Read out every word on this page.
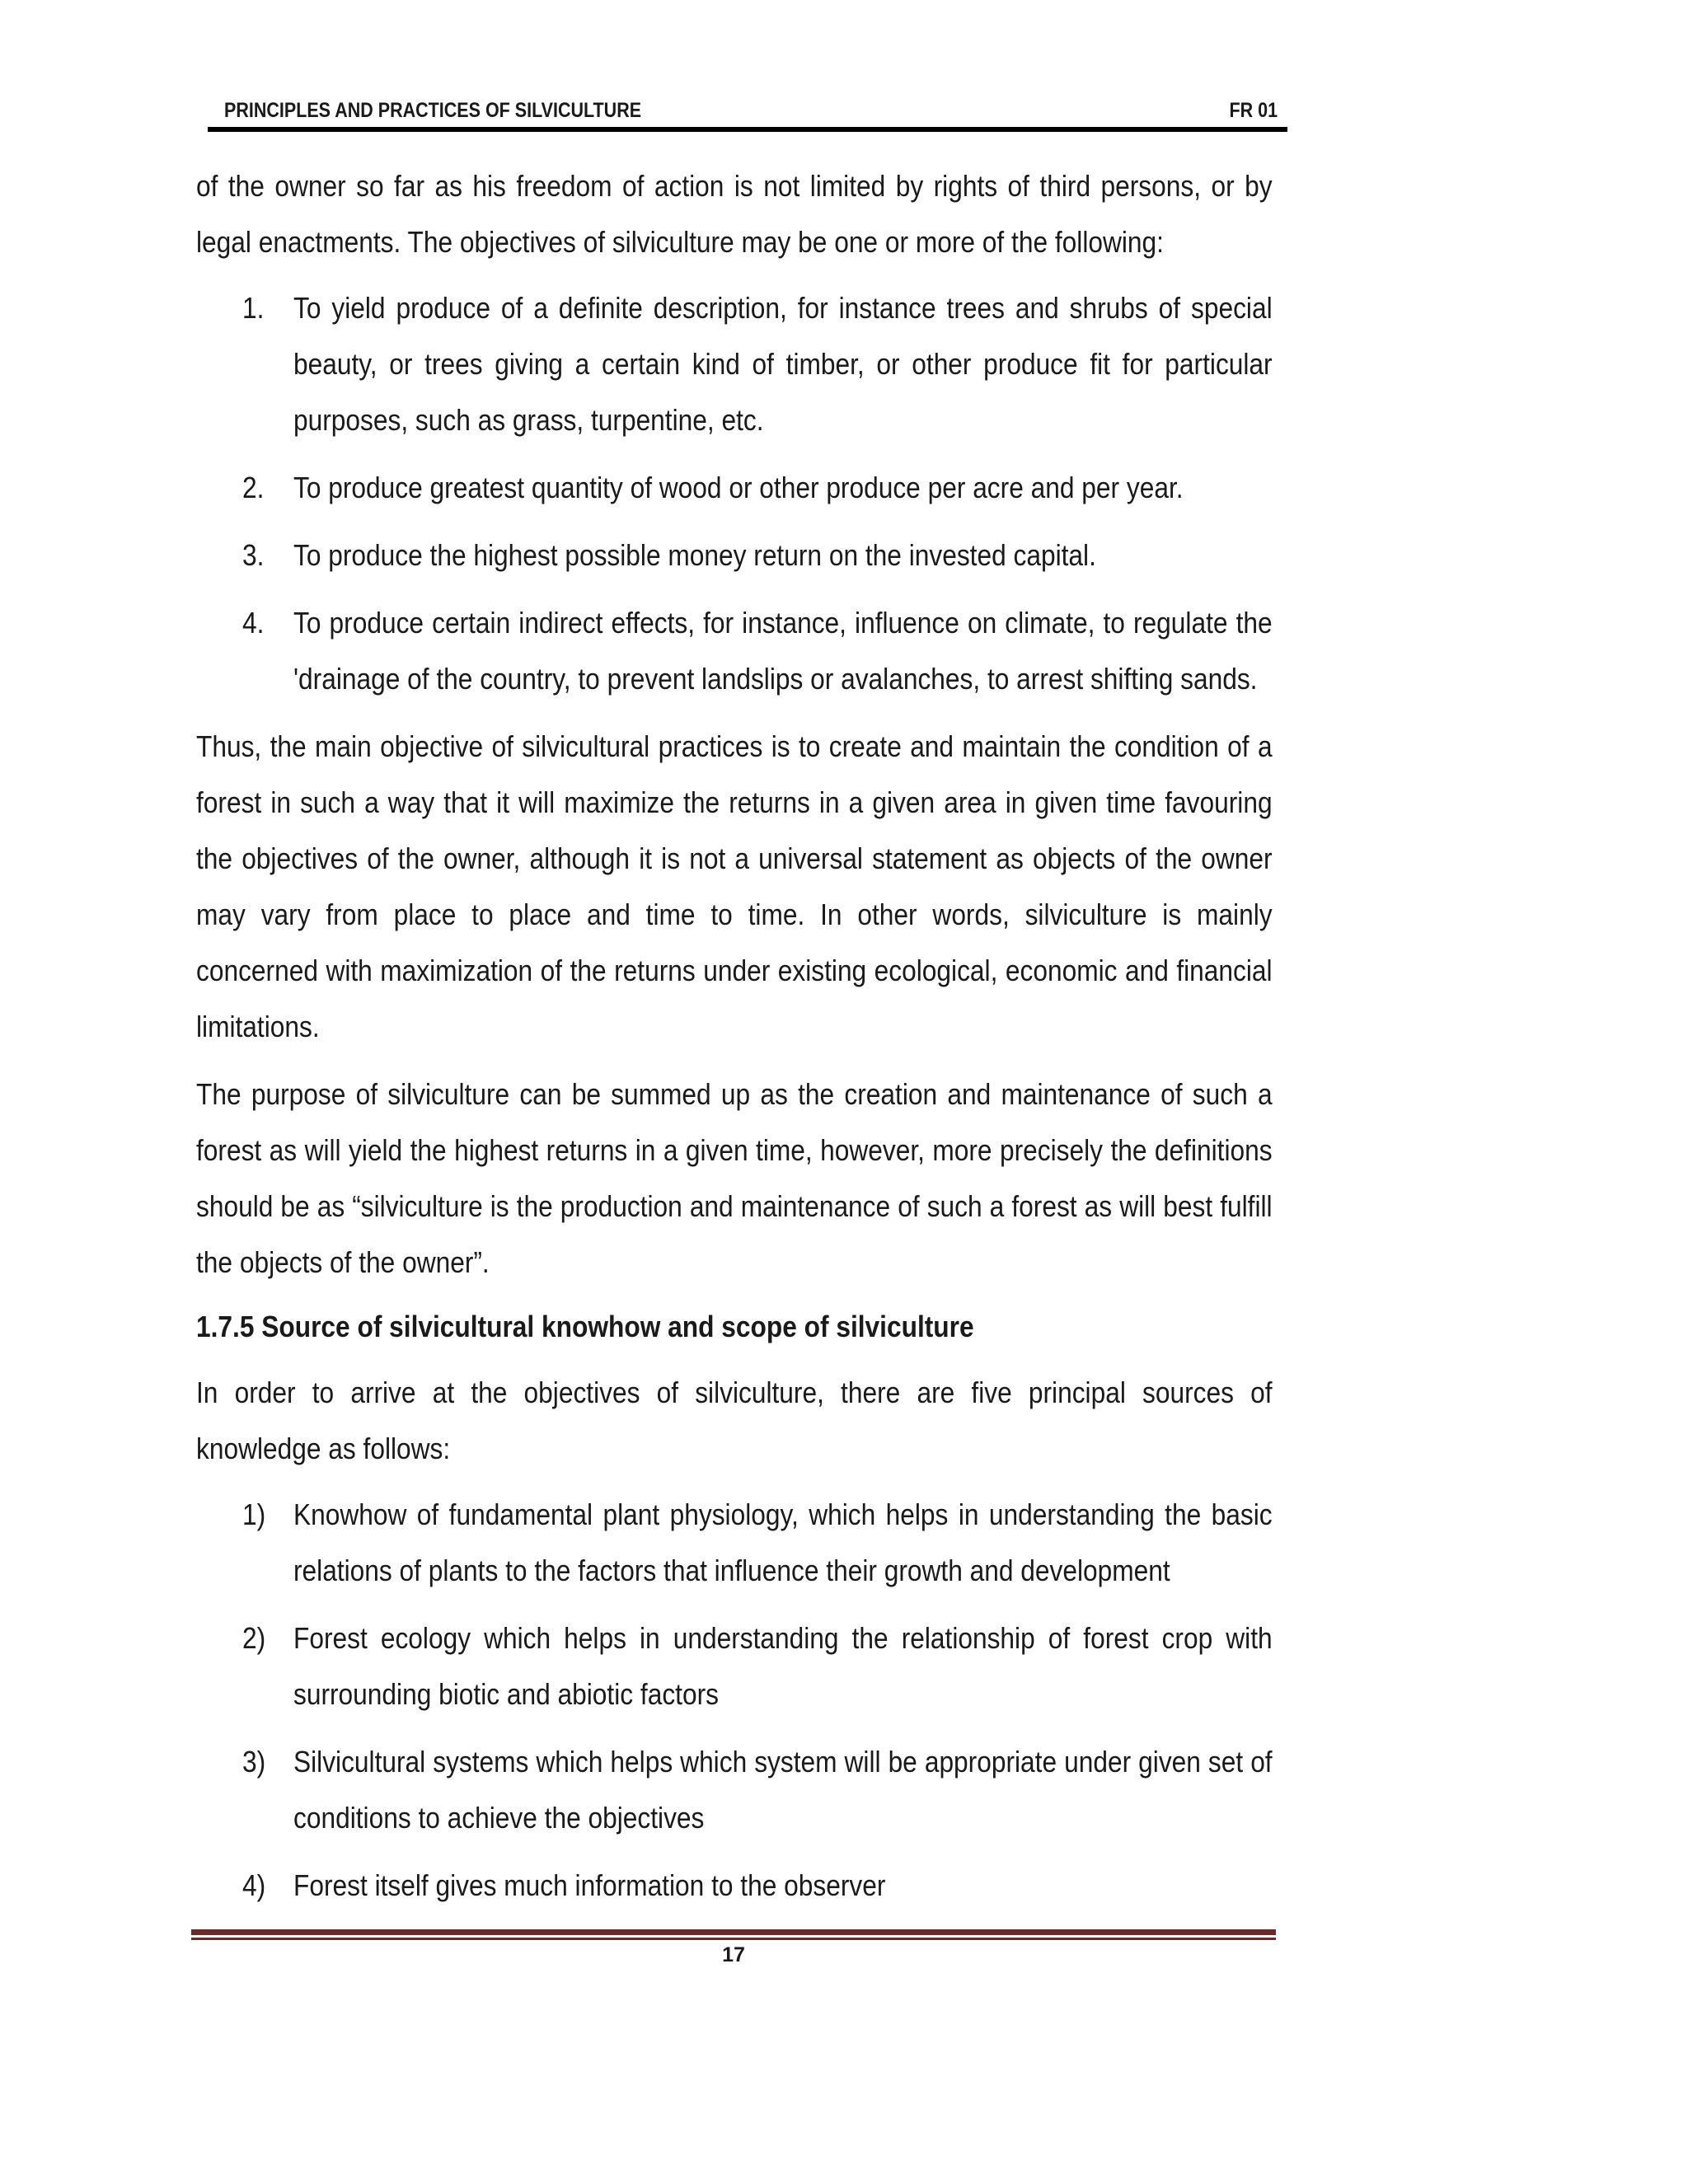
PRINCIPLES AND PRACTICES OF SILVICULTURE	FR 01

of the owner so far as his freedom of action is not limited by rights of third persons, or by legal enactments. The objectives of silviculture may be one or more of the following:

1. To yield produce of a definite description, for instance trees and shrubs of special beauty, or trees giving a certain kind of timber, or other produce fit for particular purposes, such as grass, turpentine, etc.
2. To produce greatest quantity of wood or other produce per acre and per year.
3. To produce the highest possible money return on the invested capital.
4. To produce certain indirect effects, for instance, influence on climate, to regulate the 'drainage of the country, to prevent landslips or avalanches, to arrest shifting sands.

Thus, the main objective of silvicultural practices is to create and maintain the condition of a forest in such a way that it will maximize the returns in a given area in given time favouring the objectives of the owner, although it is not a universal statement as objects of the owner may vary from place to place and time to time. In other words, silviculture is mainly concerned with maximization of the returns under existing ecological, economic and financial limitations.

The purpose of silviculture can be summed up as the creation and maintenance of such a forest as will yield the highest returns in a given time, however, more precisely the definitions should be as “silviculture is the production and maintenance of such a forest as will best fulfill the objects of the owner”.

1.7.5 Source of silvicultural knowhow and scope of silviculture

In order to arrive at the objectives of silviculture, there are five principal sources of knowledge as follows:

1) Knowhow of fundamental plant physiology, which helps in understanding the basic relations of plants to the factors that influence their growth and development
2) Forest ecology which helps in understanding the relationship of forest crop with surrounding biotic and abiotic factors
3) Silvicultural systems which helps which system will be appropriate under given set of conditions to achieve the objectives
4) Forest itself gives much information to the observer
17
